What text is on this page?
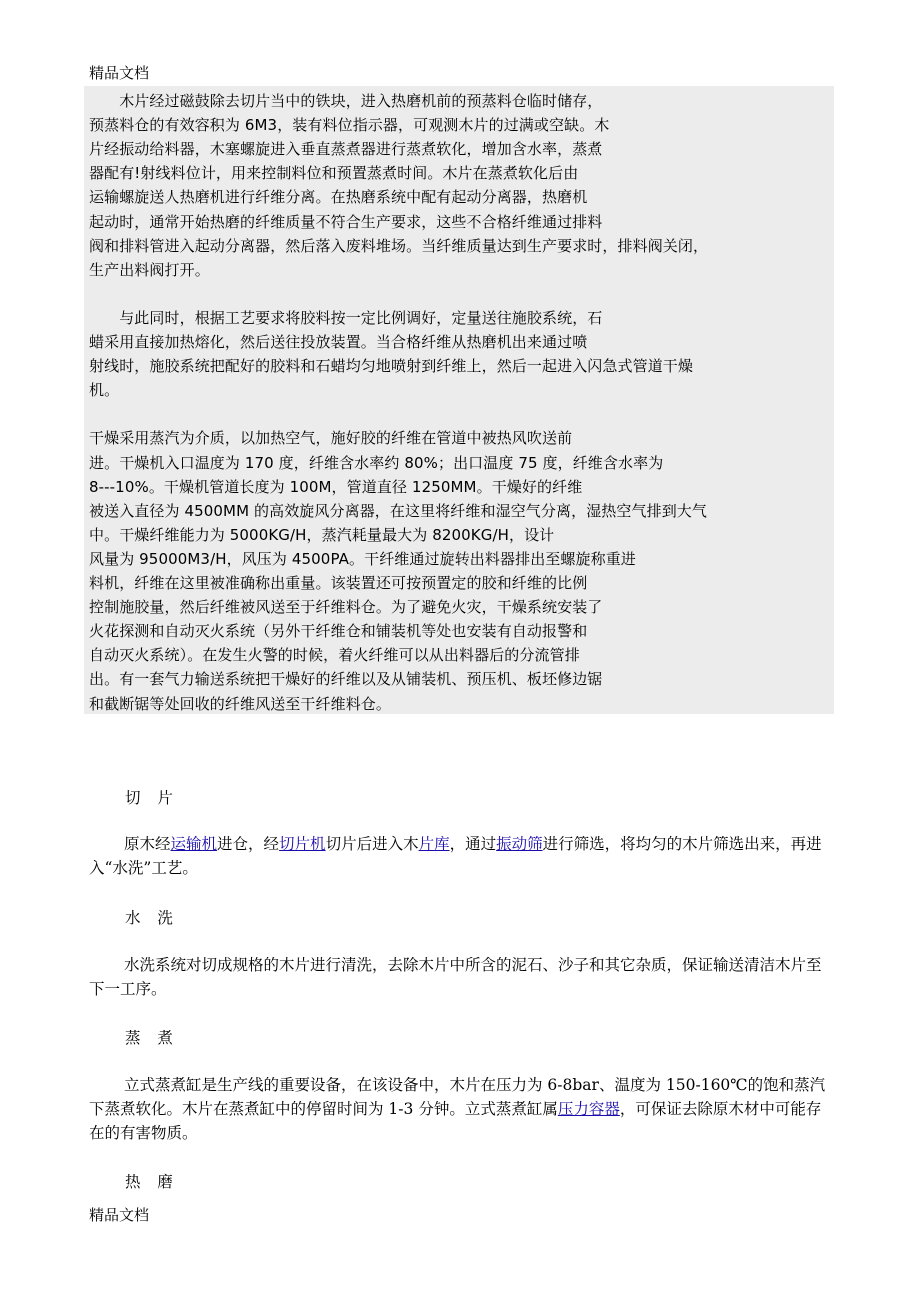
精品文档
　　木片经过磁鼓除去切片当中的铁块，进入热磨机前的预蒸料仓临时储存，
预蒸料仓的有效容积为 6M3，装有料位指示器，可观测木片的过满或空缺。木
片经振动给料器，木塞螺旋进入垂直蒸煮器进行蒸煮软化，增加含水率，蒸煮
器配有!射线料位计，用来控制料位和预置蒸煮时间。木片在蒸煮软化后由
运输螺旋送人热磨机进行纤维分离。在热磨系统中配有起动分离器，热磨机
起动时，通常开始热磨的纤维质量不符合生产要求，这些不合格纤维通过排料
阀和排料管进入起动分离器，然后落入废料堆场。当纤维质量达到生产要求时，排料阀关闭，
生产出料阀打开。
　　与此同时，根据工艺要求将胶料按一定比例调好，定量送往施胶系统，石
蜡采用直接加热熔化，然后送往投放装置。当合格纤维从热磨机出来通过喷
射线时，施胶系统把配好的胶料和石蜡均匀地喷射到纤维上，然后一起进入闪急式管道干燥
机。
干燥采用蒸汽为介质，以加热空气，施好胶的纤维在管道中被热风吹送前
进。干燥机入口温度为 170 度，纤维含水率约 80%；出口温度 75 度，纤维含水率为
8---10%。干燥机管道长度为 100M，管道直径 1250MM。干燥好的纤维
被送入直径为 4500MM 的高效旋风分离器，在这里将纤维和湿空气分离，湿热空气排到大气
中。干燥纤维能力为 5000KG/H，蒸汽耗量最大为 8200KG/H，设计
风量为 95000M3/H，风压为 4500PA。干纤维通过旋转出料器排出至螺旋称重进
料机，纤维在这里被准确称出重量。该装置还可按预置定的胶和纤维的比例
控制施胶量，然后纤维被风送至于纤维料仓。为了避免火灾，干燥系统安装了
火花探测和自动灭火系统（另外干纤维仓和铺装机等处也安装有自动报警和
自动灭火系统）。在发生火警的时候，着火纤维可以从出料器后的分流管排
出。有一套气力输送系统把干燥好的纤维以及从铺装机、预压机、板坯修边锯
和截断锯等处回收的纤维风送至干纤维料仓。
切 片
原木经运输机进仓，经切片机切片后进入木片库，通过振动筛进行筛选，将均匀的木片筛选出来，再进入“水洗”工艺。
水 洗
水洗系统对切成规格的木片进行清洗，去除木片中所含的泥石、沙子和其它杂质，保证输送清洁木片至下一工序。
蒸 煮
立式蒸煮缸是生产线的重要设备，在该设备中，木片在压力为 6-8bar、温度为 150-160℃的饱和蒸汽下蒸煮软化。木片在蒸煮缸中的停留时间为 1-3 分钟。立式蒸煮缸属压力容器，可保证去除原木材中可能存在的有害物质。
热 磨
精品文档
